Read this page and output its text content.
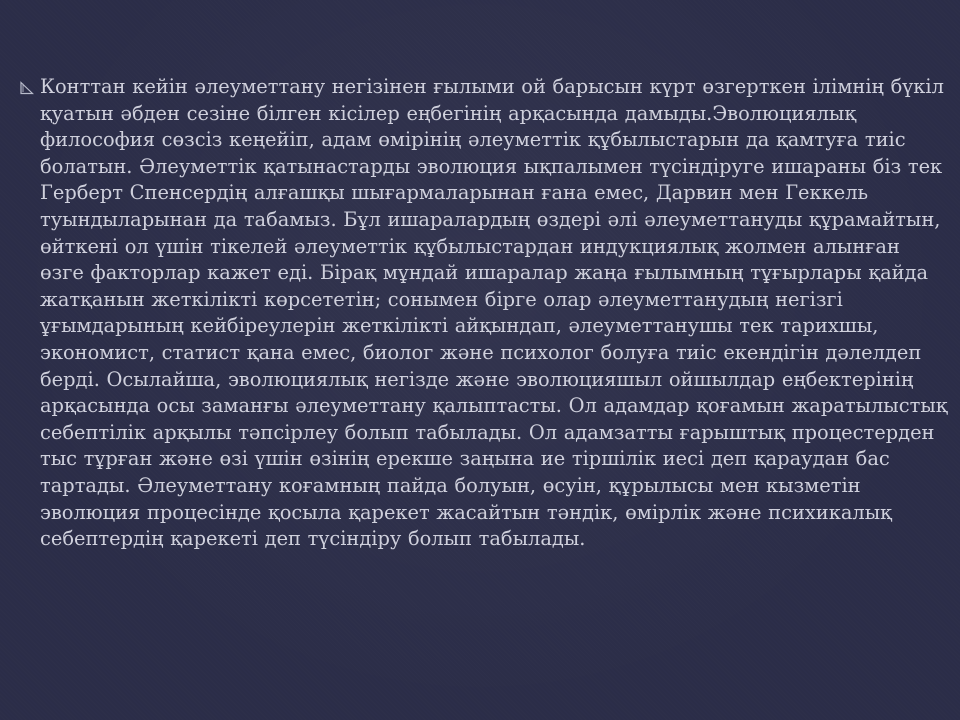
Конттан кейін әлеуметтану негізінен ғылыми ой барысын күрт өзгерткен ілімнің бүкіл қуатын әбден сезіне білген кісілер еңбегінің арқасында дамыды.Эволюциялық философия сөзсіз кеңейіп, адам өмірінің әлеуметтік құбылыстарын да қамтуға тиіс болатын. Әлеуметтік қатынастарды эволюция ықпалымен түсіндіруге ишараны біз тек Герберт Спенсердің алғашқы шығармаларынан ғана емес, Дарвин мен Геккель туындыларынан да табамыз. Бұл ишаралардың өздері әлі әлеуметтануды құрамайтын, өйткені ол үшін тікелей әлеуметтік құбылыстардан индукциялық жолмен алынған өзге факторлар кажет еді. Бірақ мұндай ишаралар жаңа ғылымның тұғырлары қайда жатқанын жеткілікті көрсететін; сонымен бірге олар әлеуметтанудың негізгі ұғымдарының кейбіреулерін жеткілікті айқындап, әлеуметтанушы тек тарихшы, экономист, статист қана емес, биолог және психолог болуға тиіс екендігін дәлелдеп берді. Осылайша, эволюциялық негізде және эволюцияшыл ойшылдар еңбектерінің арқасында осы заманғы әлеуметтану қалыптасты. Ол адамдар қоғамын жаратылыстық себептілік арқылы тәпсірлеу болып табылады. Ол адамзатты ғарыштық процестерден тыс тұрған және өзі үшін өзінің ерекше заңына ие тіршілік иесі деп қараудан бас тартады. Әлеуметтану коғамның пайда болуын, өсуін, құрылысы мен кызметін эволюция процесінде қосыла қарекет жасайтын тәндік, өмірлік және психикалық себептердің қарекеті деп түсіндіру болып табылады.
